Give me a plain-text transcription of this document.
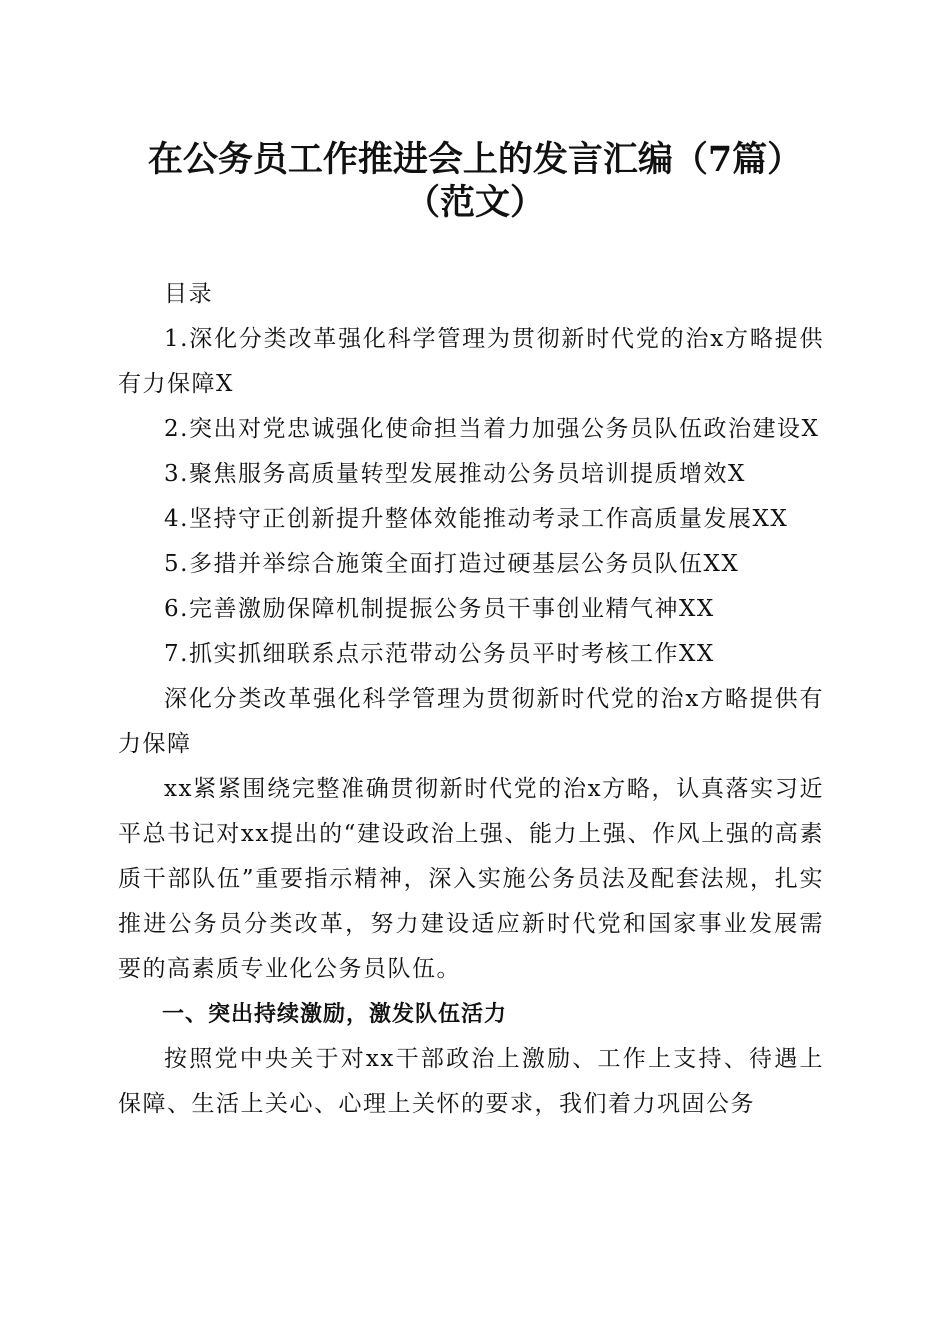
在公务员工作推进会上的发言汇编（7篇）
（范文）

目录

1.深化分类改革强化科学管理为贯彻新时代党的治x方略提供有力保障X

2.突出对党忠诚强化使命担当着力加强公务员队伍政治建设X

3.聚焦服务高质量转型发展推动公务员培训提质增效X

4.坚持守正创新提升整体效能推动考录工作高质量发展XX

5.多措并举综合施策全面打造过硬基层公务员队伍XX

6.完善激励保障机制提振公务员干事创业精气神XX

7.抓实抓细联系点示范带动公务员平时考核工作XX

深化分类改革强化科学管理为贯彻新时代党的治x方略提供有力保障

xx紧紧围绕完整准确贯彻新时代党的治x方略，认真落实习近平总书记对xx提出的“建设政治上强、能力上强、作风上强的高素质干部队伍”重要指示精神，深入实施公务员法及配套法规，扎实推进公务员分类改革，努力建设适应新时代党和国家事业发展需要的高素质专业化公务员队伍。

一、突出持续激励，激发队伍活力

按照党中央关于对xx干部政治上激励、工作上支持、待遇上保障、生活上关心、心理上关怀的要求，我们着力巩固公务
